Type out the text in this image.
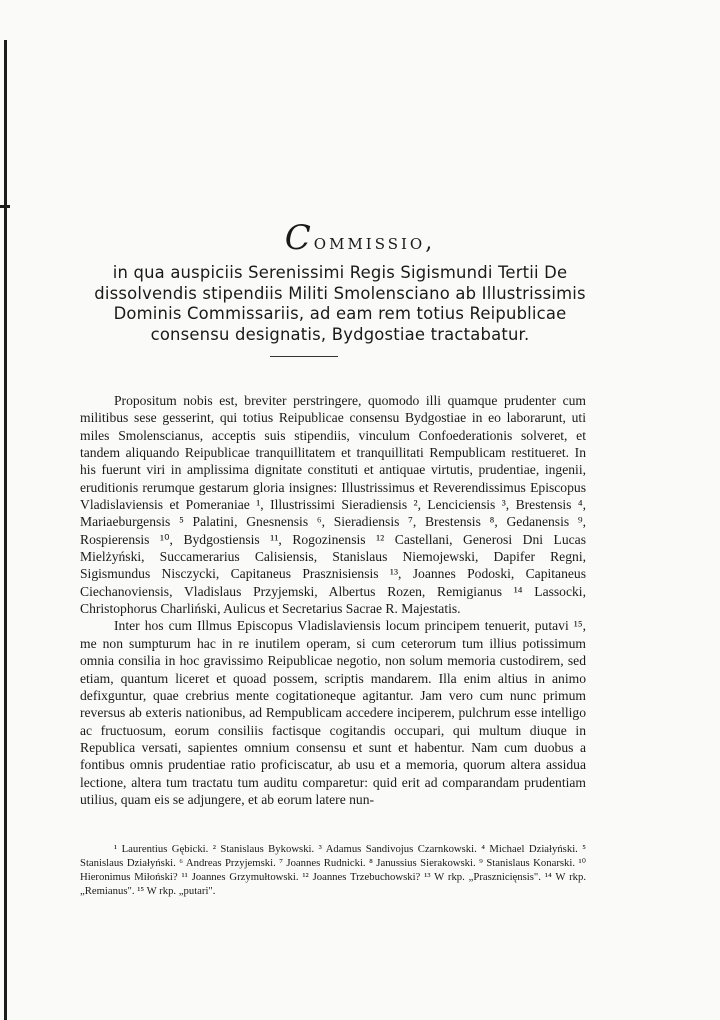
Commissio,
in qua auspiciis Serenissimi Regis Sigismundi Tertii De dissolvendis stipendiis Militi Smolensciano ab Illustrissimis Dominis Commissariis, ad eam rem totius Reipublicae consensu designatis, Bydgostiae tractabatur.

Propositum nobis est, breviter perstringere, quomodo illi quamque prudenter cum militibus sese gesserint, qui totius Reipublicae consensu Bydgostiae in eo laborarunt, uti miles Smolenscianus, acceptis suis stipendiis, vinculum Confoederationis solveret, et tandem aliquando Reipublicae tranquillitatem et tranquillitati Rempublicam restitueret. In his fuerunt viri in amplissima dignitate constituti et antiquae virtutis, prudentiae, ingenii, eruditionis rerumque gestarum gloria insignes: Illustrissimus et Reverendissimus Episcopus Vladislaviensis et Pomeraniae ¹, Illustrissimi Sieradiensis ², Lenciciensis ³, Brestensis ⁴, Mariaeburgensis ⁵ Palatini, Gnesnensis ⁶, Sieradiensis ⁷, Brestensis ⁸, Gedanensis ⁹, Rospierensis ¹⁰, Bydgostiensis ¹¹, Rogozinensis ¹² Castellani, Generosi Dni Lucas Mielżyński, Succamerarius Calisiensis, Stanislaus Niemojewski, Dapifer Regni, Sigismundus Nisczycki, Capitaneus Prasznisiensis ¹³, Joannes Podoski, Capitaneus Ciechanoviensis, Vladislaus Przyjemski, Albertus Rozen, Remigianus ¹⁴ Lassocki, Christophorus Charliński, Aulicus et Secretarius Sacrae R. Majestatis.

Inter hos cum Illmus Episcopus Vladislaviensis locum principem tenuerit, putavi ¹⁵, me non sumpturum hac in re inutilem operam, si cum ceterorum tum illius potissimum omnia consilia in hoc gravissimo Reipublicae negotio, non solum memoria custodirem, sed etiam, quantum liceret et quoad possem, scriptis mandarem. Illa enim altius in animo defixguntur, quae crebrius mente cogitationeque agitantur. Jam vero cum nunc primum reversus ab exteris nationibus, ad Rempublicam accedere inciperem, pulchrum esse intelligo ac fructuosum, eorum consiliis factisque cogitandis occupari, qui multum diuque in Republica versati, sapientes omnium consensu et sunt et habentur. Nam cum duobus a fontibus omnis prudentiae ratio proficiscatur, ab usu et a memoria, quorum altera assidua lectione, altera tum tractatu tum auditu comparetur: quid erit ad comparandam prudentiam utilius, quam eis se adjungere, et ab eorum latere nun-

¹ Laurentius Gębicki. ² Stanislaus Bykowski. ³ Adamus Sandivojus Czarnkowski. ⁴ Michael Działyński. ⁵ Stanislaus Działyński. ⁶ Andreas Przyjemski. ⁷ Joannes Rudnicki. ⁸ Janussius Sierakowski. ⁹ Stanislaus Konarski. ¹⁰ Hieronimus Miłoński? ¹¹ Joannes Grzymułtowski. ¹² Joannes Trzebuchowski? ¹³ W rkp. „Prasznicięnsis". ¹⁴ W rkp. „Remianus". ¹⁵ W rkp. „putari".
